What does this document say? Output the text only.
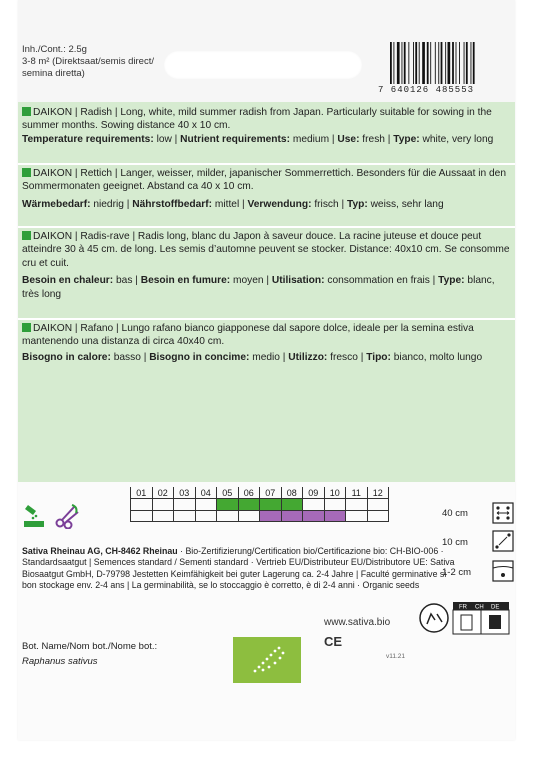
Inh./Cont.: 2.5g
3-8 m² (Direktsaat/semis direct/
semina diretta)
7 640126 485553
DAIKON | Radish | Long, white, mild summer radish from Japan. Particularly suitable for sowing in the summer months. Sowing distance 40 x 10 cm.
Temperature requirements: low | Nutrient requirements: medium | Use: fresh | Type: white, very long
DAIKON | Rettich | Langer, weisser, milder, japanischer Sommerrettich. Besonders für die Aussaat in den Sommermonaten geeignet. Abstand ca 40 x 10 cm.
Wärmebedarf: niedrig | Nährstoffbedarf: mittel | Verwendung: frisch | Typ: weiss, sehr lang
DAIKON | Radis-rave | Radis long, blanc du Japon à saveur douce. La racine juteuse et douce peut atteindre 30 à 45 cm. de long. Les semis d’automne peuvent se stocker. Distance: 40x10 cm. Se consomme cru et cuit.
Besoin en chaleur: bas | Besoin en fumure: moyen | Utilisation: consommation en frais | Type: blanc, très long
DAIKON | Rafano | Lungo rafano bianco giapponese dal sapore dolce, ideale per la semina estiva mantenendo una distanza di circa 40x40 cm.
Bisogno in calore: basso | Bisogno in concime: medio | Utilizzo: fresco | Tipo: bianco, molto lungo
01	02	03	04	05	06	07	08	09	10	11	12

40 cm
10 cm
1-2 cm
Sativa Rheinau AG, CH-8462 Rheinau · Bio-Zertifizierung/Certification bio/Certificazione bio: CH-BIO-006 · Standardsaatgut | Semences standard / Sementi standard · Vertrieb EU/Distributeur EU/Distributore UE: Sativa Biosaatgut GmbH, D-79798 Jestetten Keimfähigkeit bei guter Lagerung ca. 2-4 Jahre | Faculté germinative si bon stockage env. 2-4 ans | La germinabilità, se lo stoccaggio è corretto, è di 2-4 anni · Organic seeds
FR CH DE
Bot. Name/Nom bot./Nome bot.:
Raphanus sativus
www.sativa.bio
CE
v11.21
